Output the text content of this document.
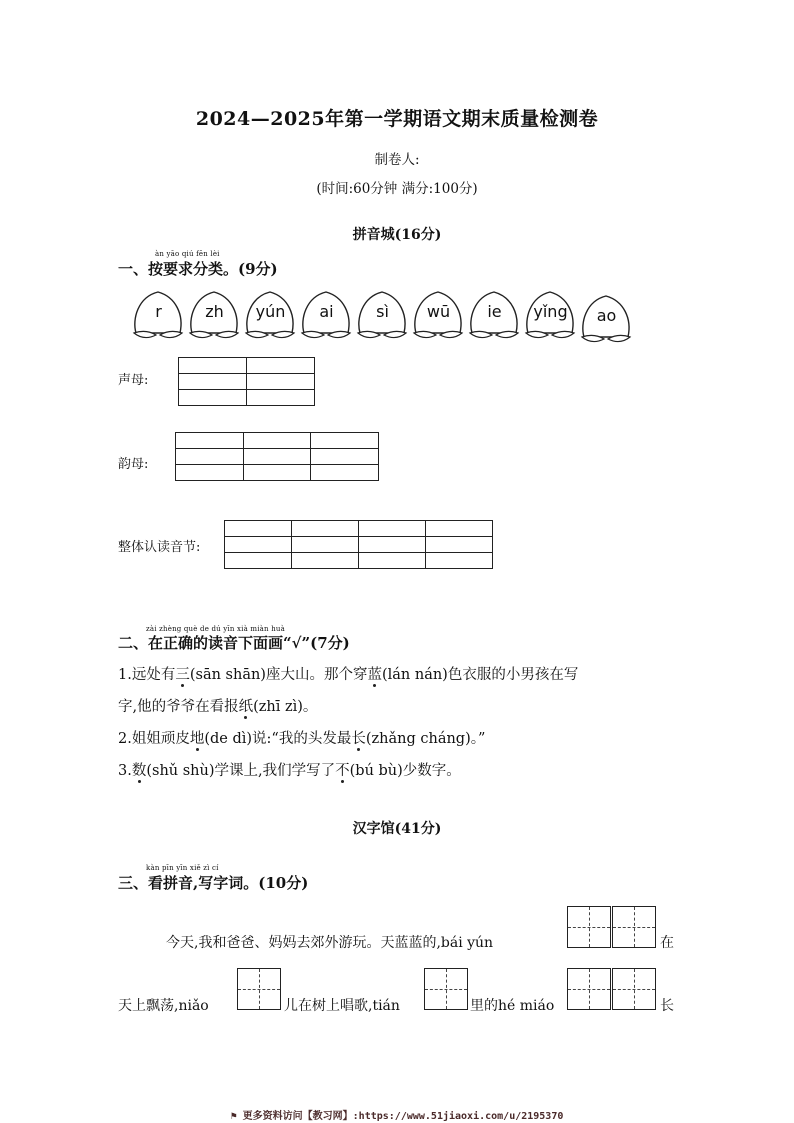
2024—2025年第一学期语文期末质量检测卷
制卷人:
(时间:60分钟 满分:100分)
拼音城(16分)
àn yāo qiú fēn lèi
一、按要求分类。(9分)
r	zh	yún	ai	sì	wū	ie	yǐng	ao
声母:

韵母:

整体认读音节:

zài zhèng què de dú yīn xià miàn huà
二、在正确的读音下面画“√”(7分)
1.远处有三(sān shān)座大山。那个穿蓝(lán nán)色衣服的小男孩在写
字,他的爷爷在看报纸(zhī zì)。
2.姐姐顽皮地(de dì)说:“我的头发最长(zhǎng cháng)。”
3.数(shǔ shù)学课上,我们学写了不(bú bù)少数字。
汉字馆(41分)
kàn pīn yīn xiě zì cí
三、看拼音,写字词。(10分)
今天,我和爸爸、妈妈去郊外游玩。天蓝蓝的,bái yún	在
天上飘荡,niǎo	儿在树上唱歌,tián	里的hé miáo	长
⚑ 更多资料访问【教习网】:https://www.51jiaoxi.com/u/2195370
